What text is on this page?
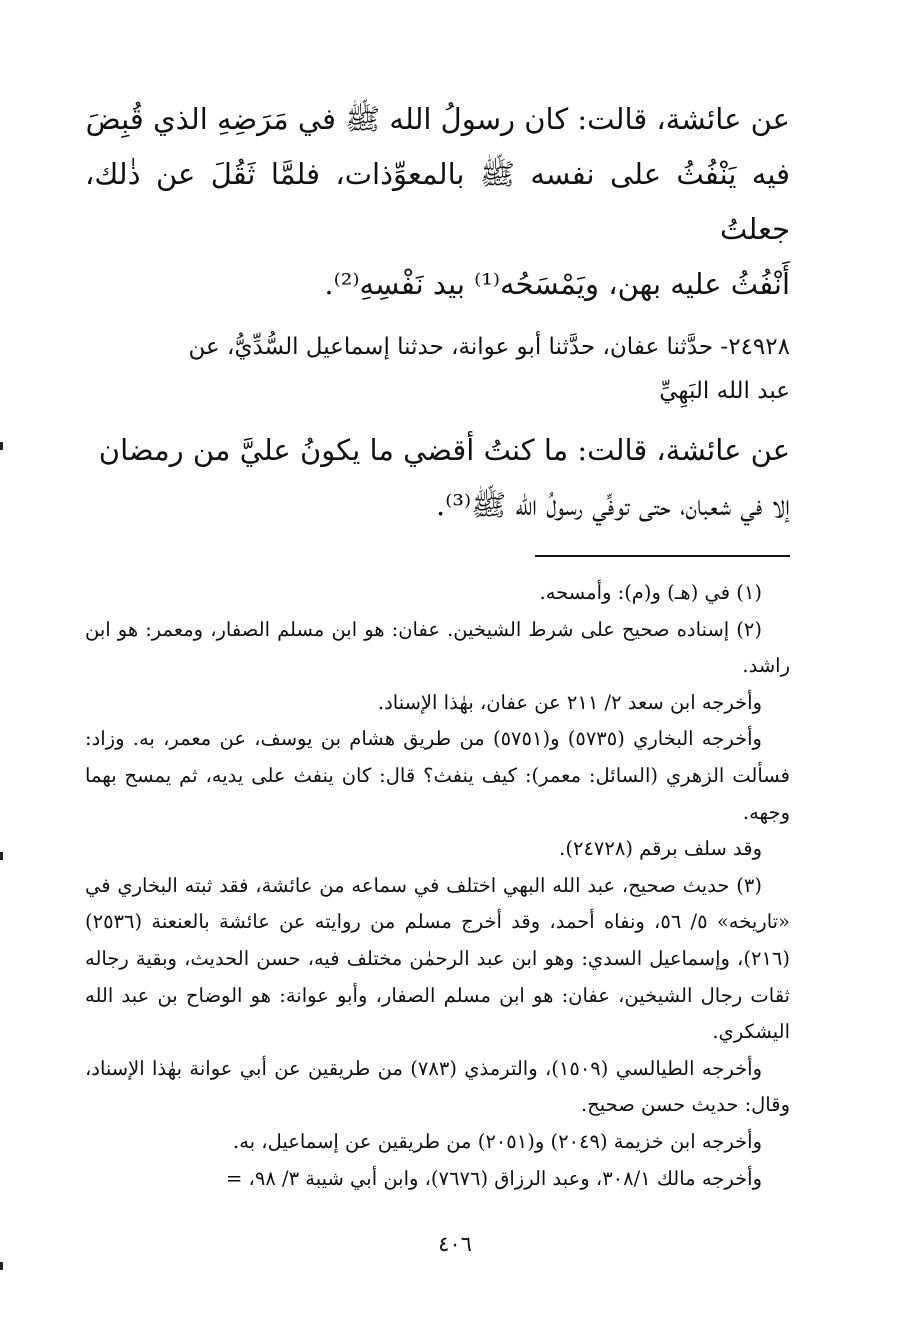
عن عائشة، قالت: كان رسولُ الله ﷺ في مَرَضِهِ الذي قُبِضَ
فيه يَنْفُثُ على نفسه ﷺ بالمعوِّذات، فلمَّا ثَقُلَ عن ذٰلك، جعلتُ
أَنْفُثُ عليه بهن، ويَمْسَحُه⁽¹⁾ بيد نَفْسِهِ⁽²⁾.

٢٤٩٢٨- حدَّثنا عفان، حدَّثنا أبو عوانة، حدثنا إسماعيل السُّدِّيُّ، عن
عبد الله البَهِيِّ

عن عائشة، قالت: ما كنتُ أقضي ما يكونُ عليَّ من رمضان
إلا في شعبان، حتى توفِّي رسولُ الله ﷺ⁽³⁾.

(١) في (هـ) و(م): وأمسحه.

(٢) إسناده صحيح على شرط الشيخين. عفان: هو ابن مسلم الصفار، ومعمر: هو ابن راشد.

وأخرجه ابن سعد ٢/ ٢١١ عن عفان، بهٰذا الإسناد.

وأخرجه البخاري (٥٧٣٥) و(٥٧٥١) من طريق هشام بن يوسف، عن معمر، به. وزاد: فسألت الزهري (السائل: معمر): كيف ينفث؟ قال: كان ينفث على يديه، ثم يمسح بهما وجهه.

وقد سلف برقم (٢٤٧٢٨).

(٣) حديث صحيح، عبد الله البهي اختلف في سماعه من عائشة، فقد ثبته البخاري في «تاريخه» ٥/ ٥٦، ونفاه أحمد، وقد أخرج مسلم من روايته عن عائشة بالعنعنة (٢٥٣٦) (٢١٦)، وإسماعيل السدي: وهو ابن عبد الرحمٰن مختلف فيه، حسن الحديث، وبقية رجاله ثقات رجال الشيخين، عفان: هو ابن مسلم الصفار، وأبو عوانة: هو الوضاح بن عبد الله اليشكري.

وأخرجه الطيالسي (١٥٠٩)، والترمذي (٧٨٣) من طريقين عن أبي عوانة بهٰذا الإسناد، وقال: حديث حسن صحيح.

وأخرجه ابن خزيمة (٢٠٤٩) و(٢٠٥١) من طريقين عن إسماعيل، به.

وأخرجه مالك ٣٠٨/١، وعبد الرزاق (٧٦٧٦)، وابن أبي شيبة ٣/ ٩٨، =

٤٠٦
